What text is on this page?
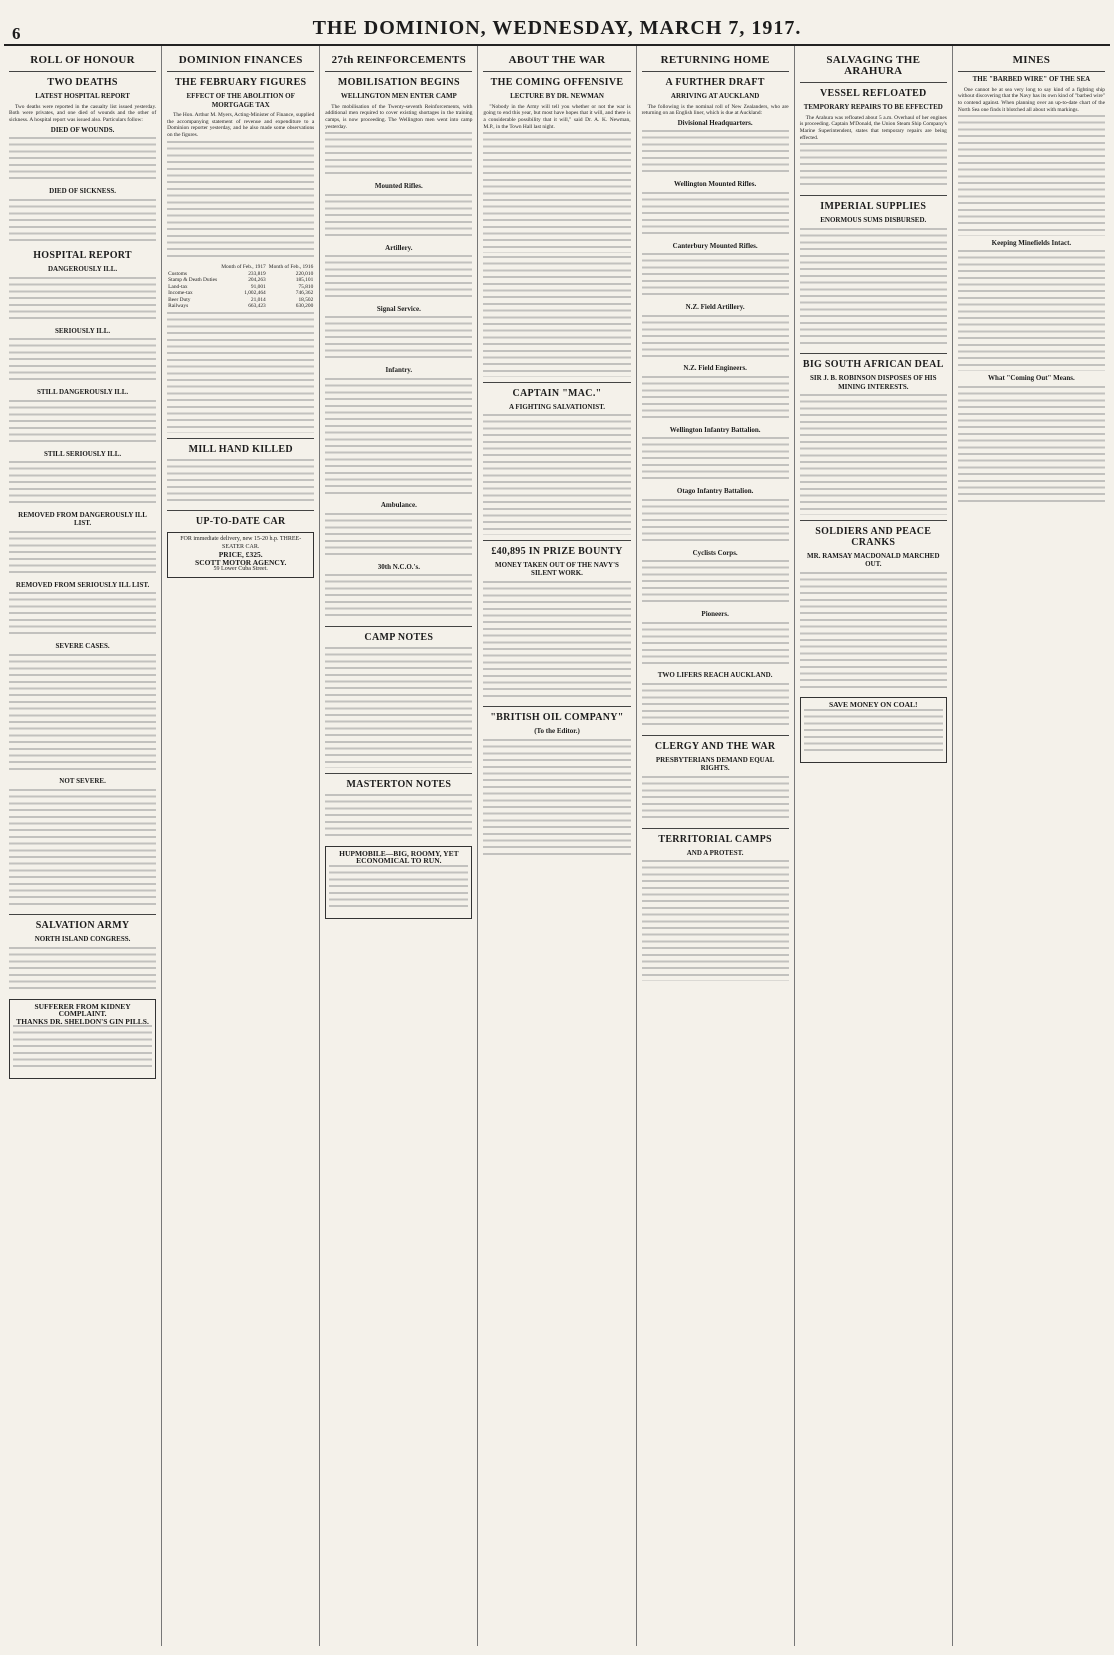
6	THE DOMINION, WEDNESDAY, MARCH 7, 1917.
ROLL OF HONOUR
TWO DEATHS
LATEST HOSPITAL REPORT

Two deaths were reported in the casualty list issued yesterday. Both were privates, and one died of wounds and the other of sickness. A hospital report was issued also. Particulars follow:

DIED OF WOUNDS.
DIED OF SICKNESS.
HOSPITAL REPORT
DANGEROUSLY ILL.
SERIOUSLY ILL.
STILL DANGEROUSLY ILL.
STILL SERIOUSLY ILL.
REMOVED FROM DANGEROUSLY ILL LIST.
REMOVED FROM SERIOUSLY ILL LIST.
SEVERE CASES.
NOT SEVERE.
SALVATION ARMY
NORTH ISLAND CONGRESS.
SUFFERER FROM KIDNEY COMPLAINT.
THANKS DR. SHELDON'S GIN PILLS.
DOMINION FINANCES
THE FEBRUARY FIGURES
EFFECT OF THE ABOLITION OF MORTGAGE TAX

The Hon. Arthur M. Myers, Acting-Minister of Finance, supplied the accompanying statement of revenue and expenditure to a Dominion reporter yesterday, and he also made some observations on the figures.

	Month of Feb., 1917	Month of Feb., 1916
Customs	233,819	220,010
Stamp & Death Duties	204,263	185,101
Land-tax	91,001	75,810
Income-tax	1,002,464	746,362
Beer Duty	21,014	18,502
Railways	663,423	630,200
MILL HAND KILLED
UP-TO-DATE CAR
FOR immediate delivery, new 15-20 h.p. THREE-SEATER CAR.
PRICE, £325.
SCOTT MOTOR AGENCY.
59 Lower Cuba Street.
27th REINFORCEMENTS
MOBILISATION BEGINS
WELLINGTON MEN ENTER CAMP

The mobilisation of the Twenty-seventh Reinforcements, with additional men required to cover existing shortages in the training camps, is now proceeding. The Wellington men went into camp yesterday.

Mounted Rifles.
Artillery.
Signal Service.
Infantry.
Ambulance.
30th N.C.O.'s.
CAMP NOTES
MASTERTON NOTES
HUPMOBILE—BIG, ROOMY, YET ECONOMICAL TO RUN.
ABOUT THE WAR
THE COMING OFFENSIVE
LECTURE BY DR. NEWMAN

"Nobody in the Army will tell you whether or not the war is going to end this year, but most have hopes that it will, and there is a considerable possibility that it will," said Dr. A. K. Newman, M.P., in the Town Hall last night.

CAPTAIN "MAC."
A FIGHTING SALVATIONIST.
£40,895 IN PRIZE BOUNTY
MONEY TAKEN OUT OF THE NAVY'S SILENT WORK.
"BRITISH OIL COMPANY"
(To the Editor.)
RETURNING HOME
A FURTHER DRAFT
ARRIVING AT AUCKLAND

The following is the nominal roll of New Zealanders, who are returning on an English liner, which is due at Auckland:

Divisional Headquarters.
Wellington Mounted Rifles.
Canterbury Mounted Rifles.
N.Z. Field Artillery.
N.Z. Field Engineers.
Wellington Infantry Battalion.
Otago Infantry Battalion.
Cyclists Corps.
Pioneers.
TWO LIFERS REACH AUCKLAND.
CLERGY AND THE WAR
PRESBYTERIANS DEMAND EQUAL RIGHTS.
TERRITORIAL CAMPS
AND A PROTEST.
SALVAGING THE ARAHURA
VESSEL REFLOATED
TEMPORARY REPAIRS TO BE EFFECTED

The Arahura was refloated about 5 a.m. Overhaul of her engines is proceeding. Captain M'Donald, the Union Steam Ship Company's Marine Superintendent, states that temporary repairs are being effected.

IMPERIAL SUPPLIES
ENORMOUS SUMS DISBURSED.
BIG SOUTH AFRICAN DEAL
SIR J. B. ROBINSON DISPOSES OF HIS MINING INTERESTS.
SOLDIERS AND PEACE CRANKS
MR. RAMSAY MACDONALD MARCHED OUT.
SAVE MONEY ON COAL!
MINES
THE "BARBED WIRE" OF THE SEA

One cannot be at sea very long to say kind of a fighting ship without discovering that the Navy has its own kind of "barbed wire" to contend against. When planning over an up-to-date chart of the North Sea one finds it blotched all about with markings.

Keeping Minefields Intact.
What "Coming Out" Means.
